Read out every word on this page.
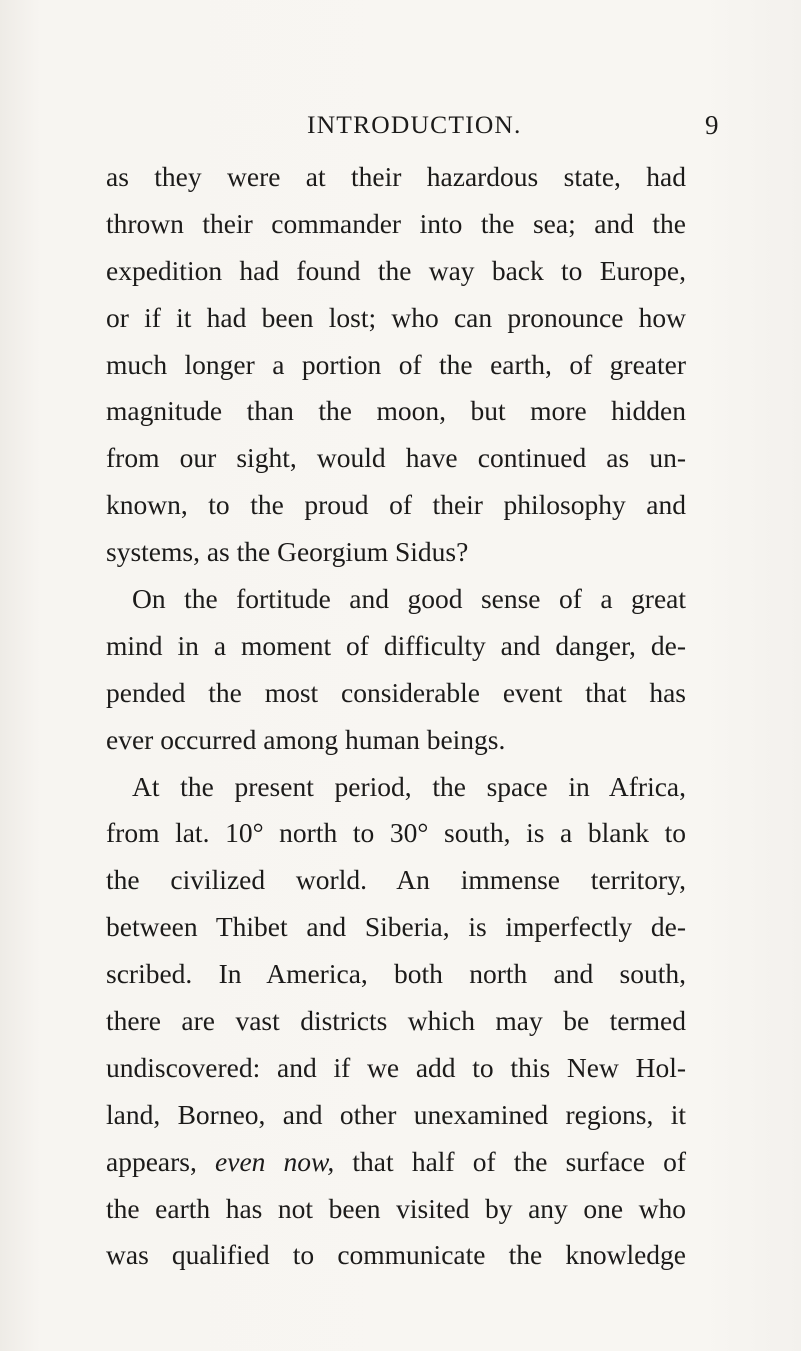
INTRODUCTION.	9
as they were at their hazardous state, had
thrown their commander into the sea; and the
expedition had found the way back to Europe,
or if it had been lost; who can pronounce how
much longer a portion of the earth, of greater
magnitude than the moon, but more hidden
from our sight, would have continued as un-
known, to the proud of their philosophy and
systems, as the Georgium Sidus?
On the fortitude and good sense of a great
mind in a moment of difficulty and danger, de-
pended the most considerable event that has
ever occurred among human beings.
At the present period, the space in Africa,
from lat. 10° north to 30° south, is a blank to
the civilized world. An immense territory,
between Thibet and Siberia, is imperfectly de-
scribed. In America, both north and south,
there are vast districts which may be termed
undiscovered: and if we add to this New Hol-
land, Borneo, and other unexamined regions, it
appears, even now, that half of the surface of
the earth has not been visited by any one who
was qualified to communicate the knowledge
